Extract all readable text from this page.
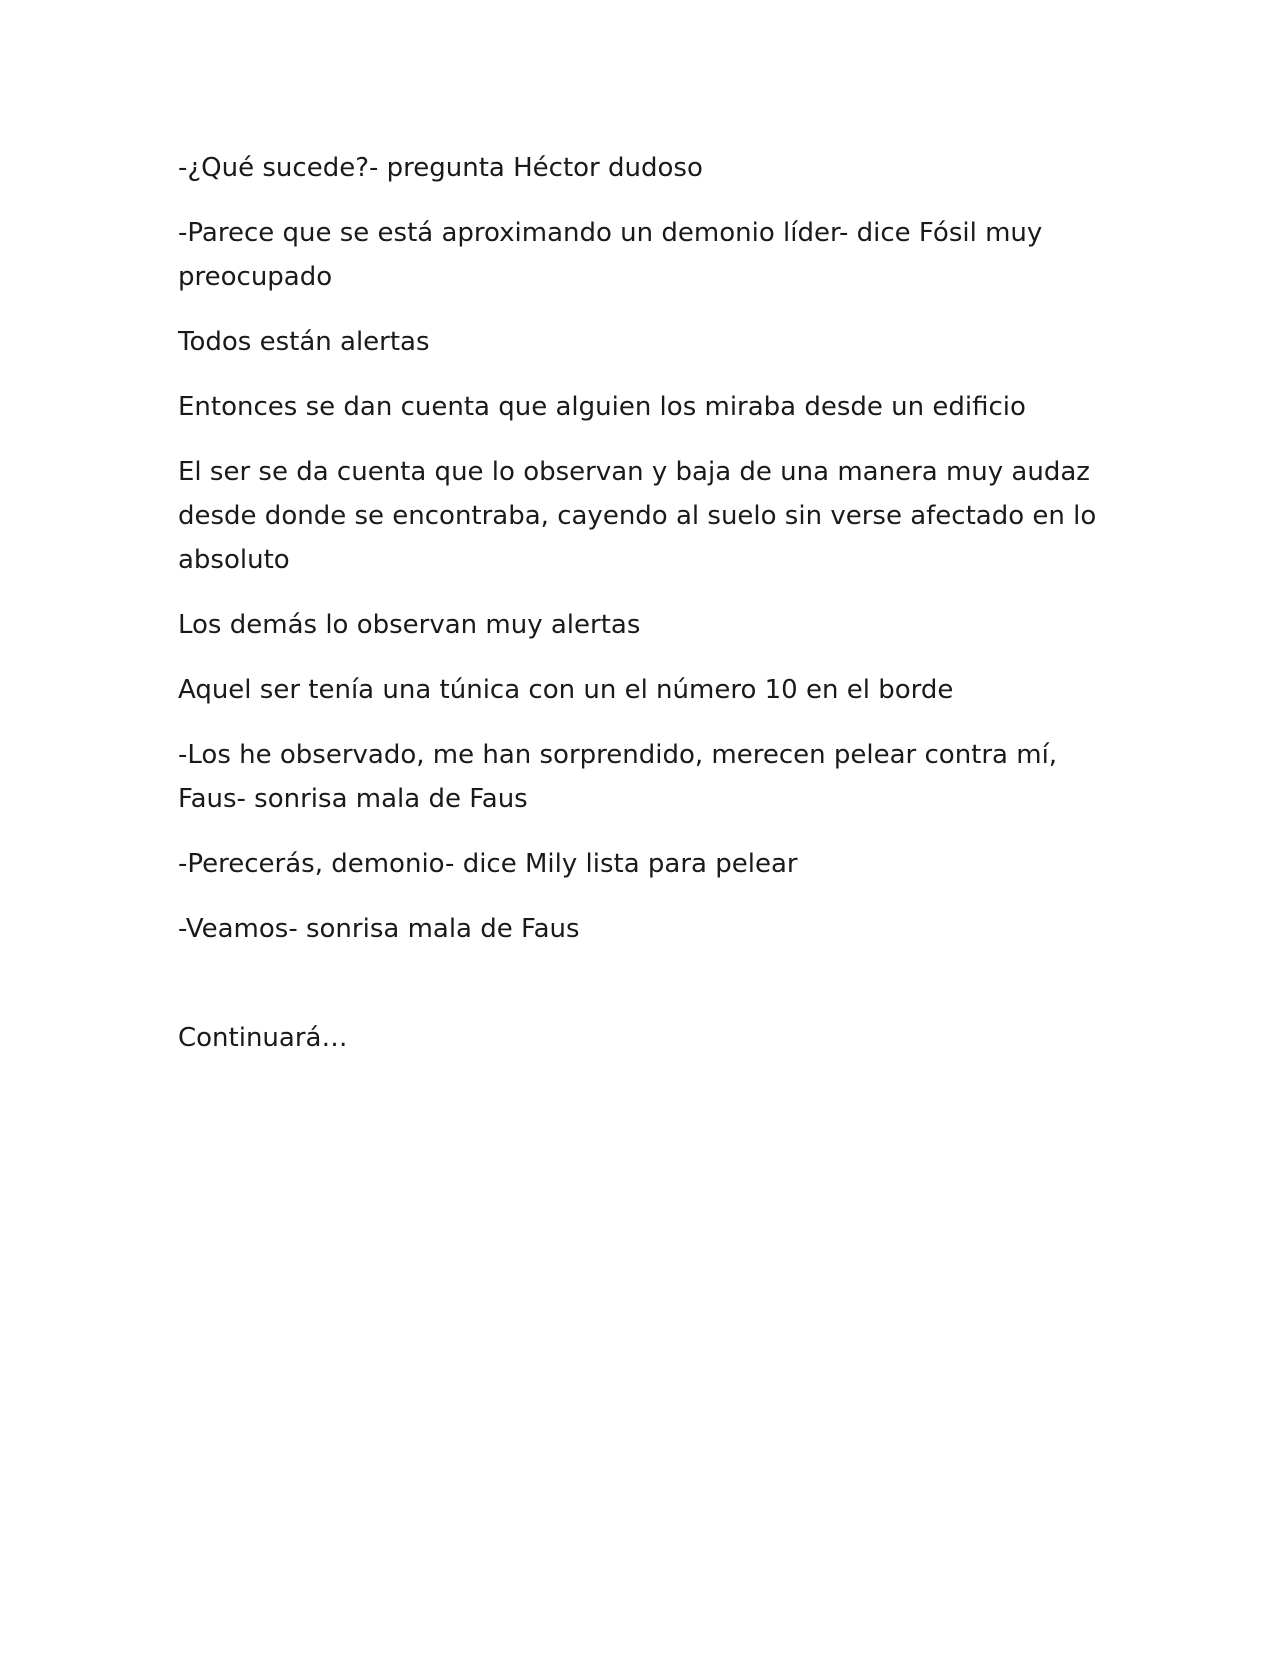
-¿Qué sucede?- pregunta Héctor dudoso

-Parece que se está aproximando un demonio líder- dice Fósil muy preocupado

Todos están alertas

Entonces se dan cuenta que alguien los miraba desde un edificio

El ser se da cuenta que lo observan y baja de una manera muy audaz desde donde se encontraba, cayendo al suelo sin verse afectado en lo absoluto

Los demás lo observan muy alertas

Aquel ser tenía una túnica con un el número 10 en el borde

-Los he observado, me han sorprendido, merecen pelear contra mí, Faus- sonrisa mala de Faus

-Perecerás, demonio- dice Mily lista para pelear

-Veamos- sonrisa mala de Faus

Continuará…
